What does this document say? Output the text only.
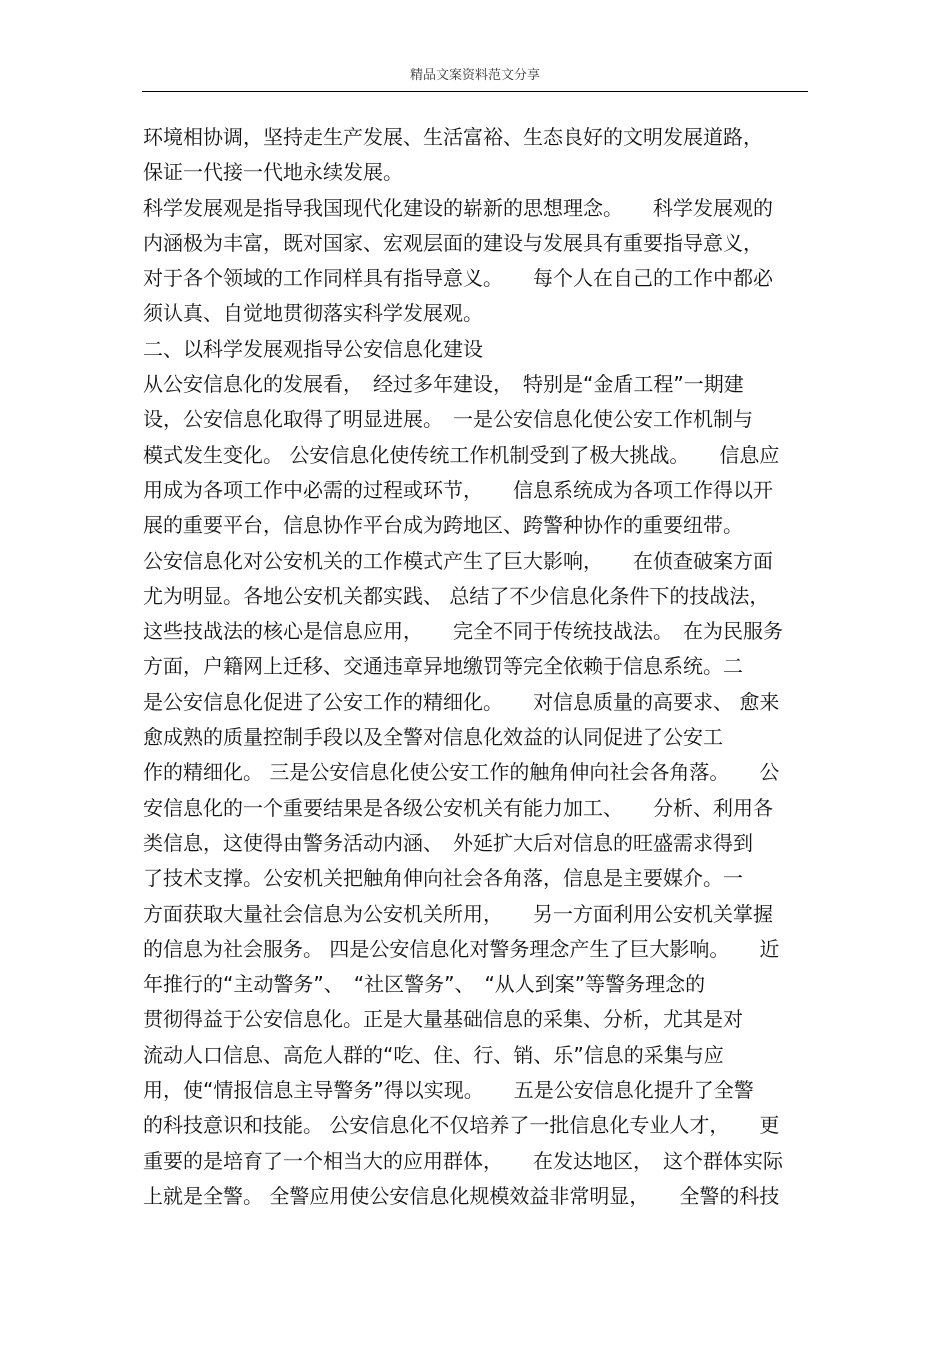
精品文案资料范文分享
环境相协调，坚持走生产发展、生活富裕、生态良好的文明发展道路，
保证一代接一代地永续发展。
科学发展观是指导我国现代化建设的崭新的思想理念。　　科学发展观的
内涵极为丰富，既对国家、宏观层面的建设与发展具有重要指导意义，
对于各个领域的工作同样具有指导意义。　　每个人在自己的工作中都必
须认真、自觉地贯彻落实科学发展观。
二、以科学发展观指导公安信息化建设
从公安信息化的发展看，　经过多年建设，　特别是“金盾工程”一期建
设，公安信息化取得了明显进展。　一是公安信息化使公安工作机制与
模式发生变化。 公安信息化使传统工作机制受到了极大挑战。　　信息应
用成为各项工作中必需的过程或环节，　　信息系统成为各项工作得以开
展的重要平台，信息协作平台成为跨地区、跨警种协作的重要纽带。
公安信息化对公安机关的工作模式产生了巨大影响，　　在侦查破案方面
尤为明显。各地公安机关都实践、 总结了不少信息化条件下的技战法，
这些技战法的核心是信息应用，　　完全不同于传统技战法。　在为民服务
方面，户籍网上迁移、交通违章异地缴罚等完全依赖于信息系统。二
是公安信息化促进了公安工作的精细化。　　对信息质量的高要求、 愈来
愈成熟的质量控制手段以及全警对信息化效益的认同促进了公安工
作的精细化。 三是公安信息化使公安工作的触角伸向社会各角落。　　公
安信息化的一个重要结果是各级公安机关有能力加工、　　分析、利用各
类信息，这使得由警务活动内涵、　外延扩大后对信息的旺盛需求得到
了技术支撑。公安机关把触角伸向社会各角落，信息是主要媒介。一
方面获取大量社会信息为公安机关所用，　　另一方面利用公安机关掌握
的信息为社会服务。 四是公安信息化对警务理念产生了巨大影响。　　近
年推行的“主动警务”、　“社区警务”、　“从人到案”等警务理念的
贯彻得益于公安信息化。正是大量基础信息的采集、分析，尤其是对
流动人口信息、高危人群的“吃、住、行、销、乐”信息的采集与应
用，使“情报信息主导警务”得以实现。　　五是公安信息化提升了全警
的科技意识和技能。 公安信息化不仅培养了一批信息化专业人才，　　更
重要的是培育了一个相当大的应用群体，　　在发达地区，　这个群体实际
上就是全警。 全警应用使公安信息化规模效益非常明显，　　全警的科技
